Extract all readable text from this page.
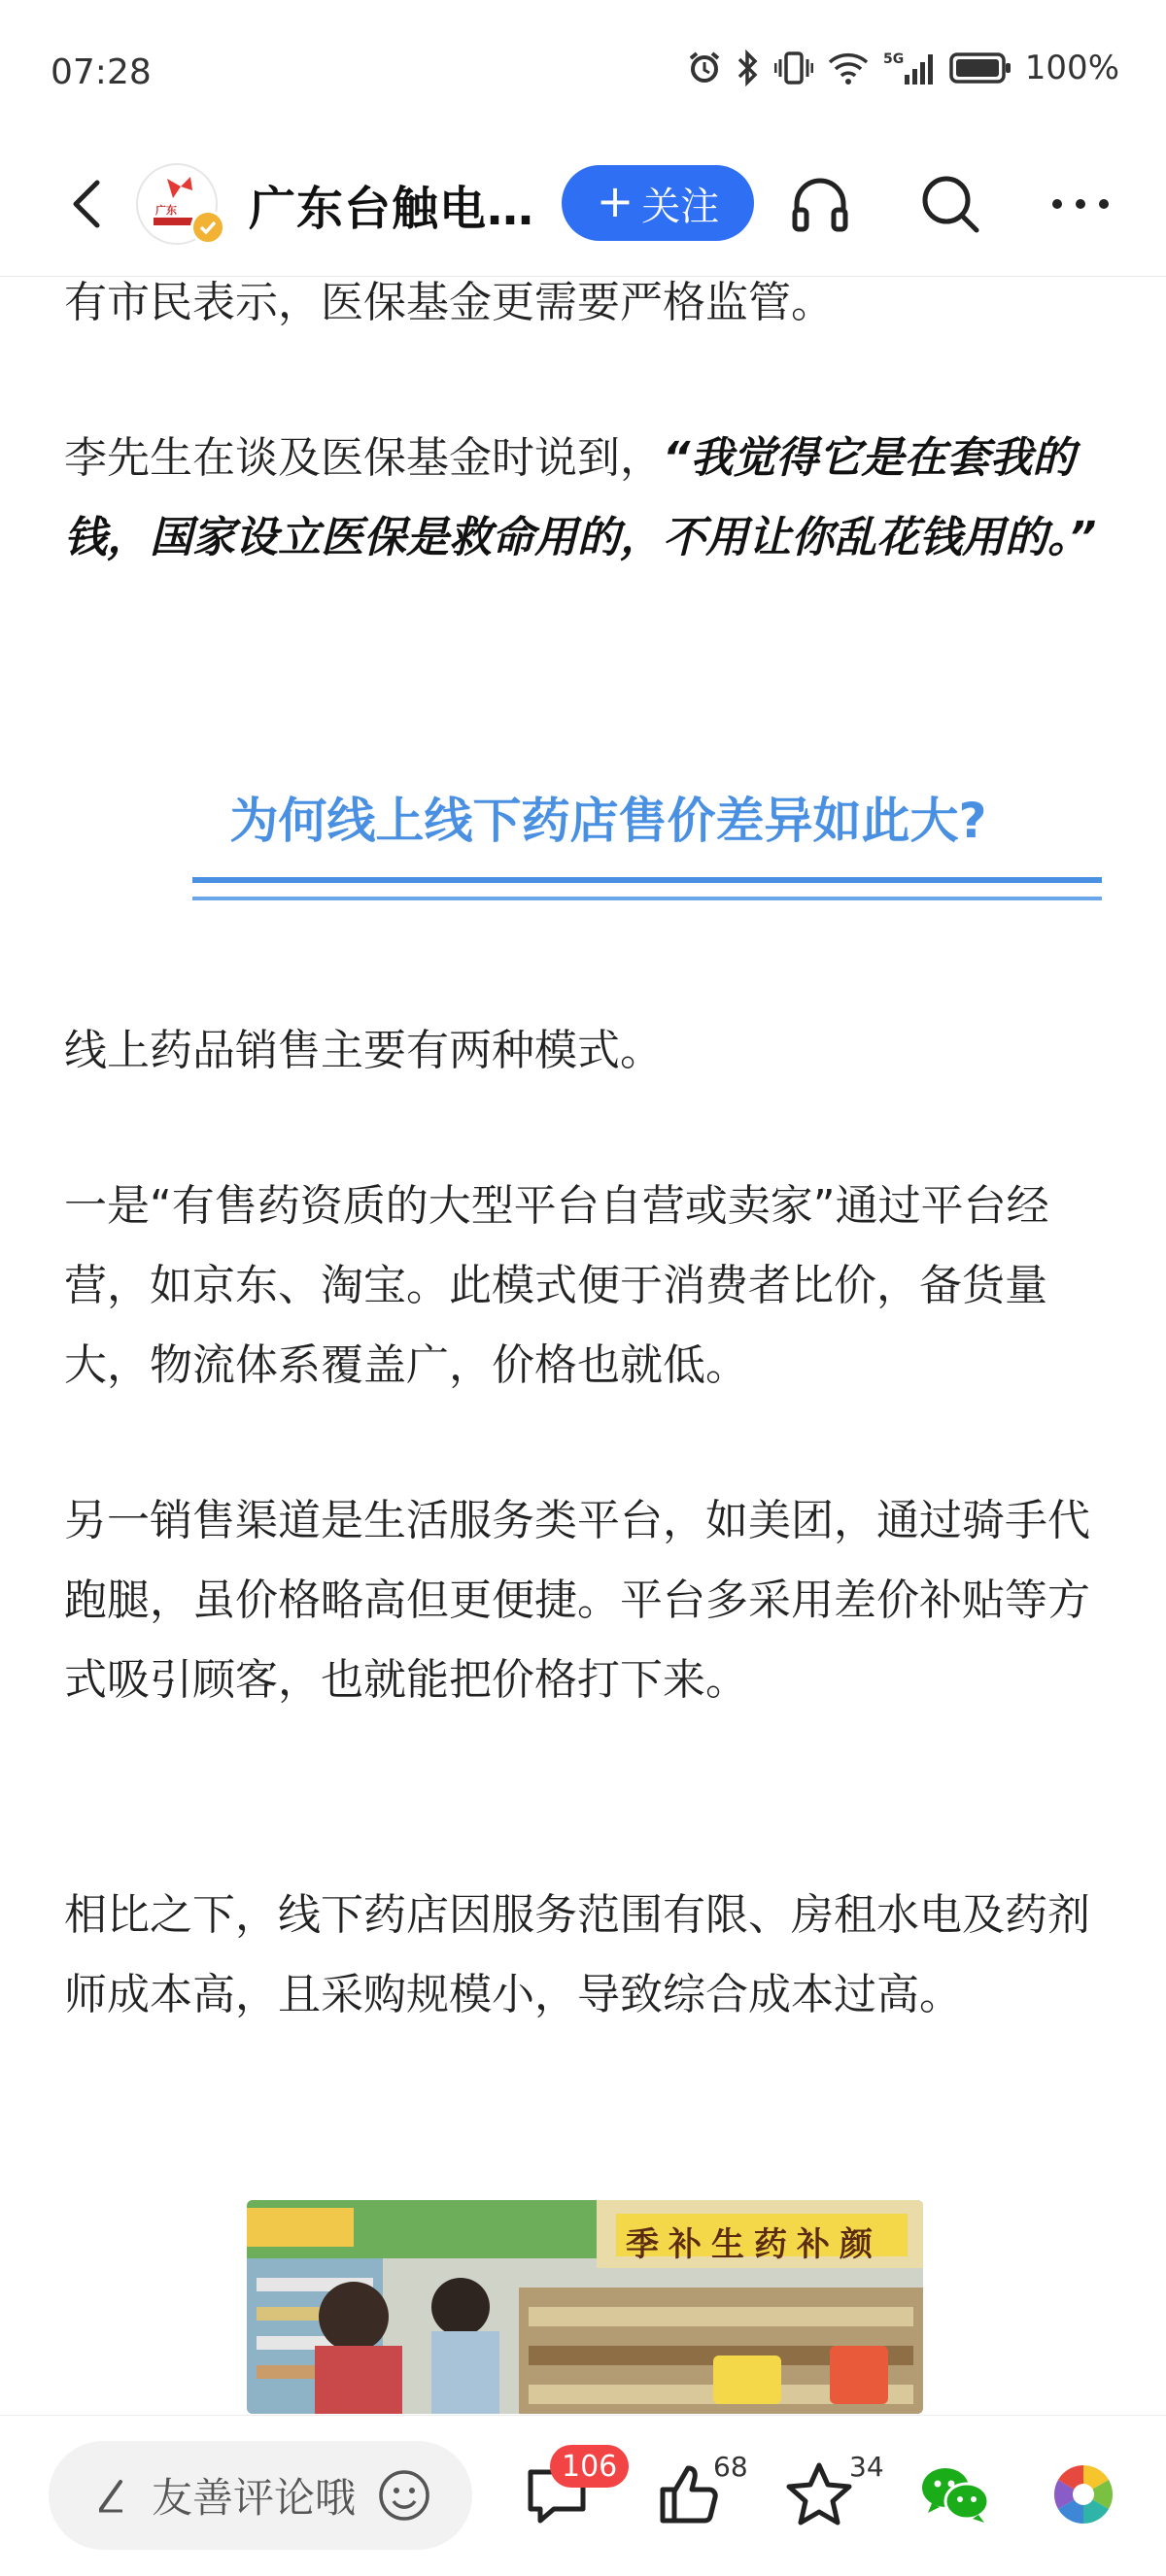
07:28	5G	100%
广东 广东台触电… + 关注
有市民表示，医保基金更需要严格监管。
李先生在谈及医保基金时说到，“我觉得它是在套我的钱，国家设立医保是救命用的，不用让你乱花钱用的。”
为何线上线下药店售价差异如此大?
线上药品销售主要有两种模式。
一是“有售药资质的大型平台自营或卖家”通过平台经营，如京东、淘宝。此模式便于消费者比价，备货量大，物流体系覆盖广，价格也就低。
另一销售渠道是生活服务类平台，如美团，通过骑手代跑腿，虽价格略高但更便捷。平台多采用差价补贴等方式吸引顾客，也就能把价格打下来。
相比之下，线下药店因服务范围有限、房租水电及药剂师成本高，且采购规模小，导致综合成本过高。
季补生药补颜
友善评论哦
106	68	34
